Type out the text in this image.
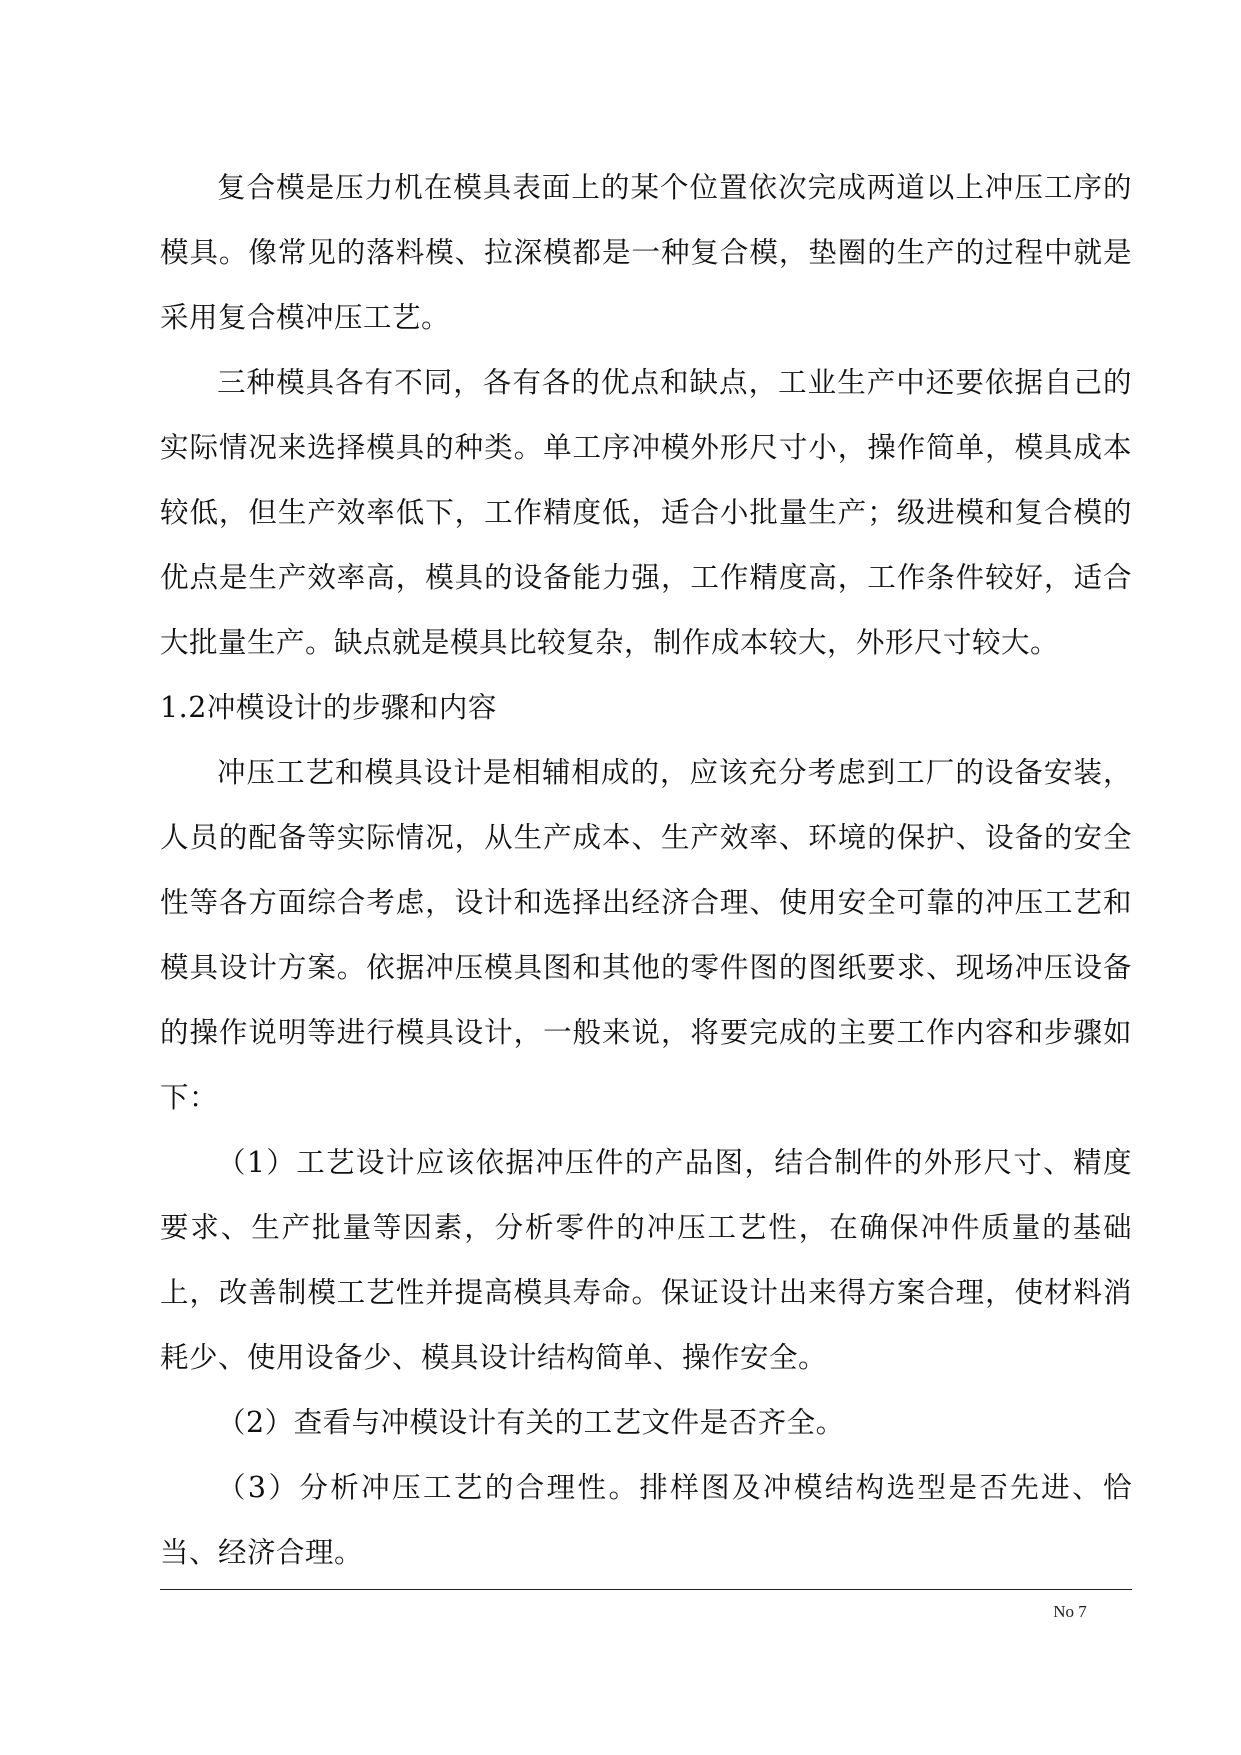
复合模是压力机在模具表面上的某个位置依次完成两道以上冲压工序的模具。像常见的落料模、拉深模都是一种复合模，垫圈的生产的过程中就是采用复合模冲压工艺。

三种模具各有不同，各有各的优点和缺点，工业生产中还要依据自己的实际情况来选择模具的种类。单工序冲模外形尺寸小，操作简单，模具成本较低，但生产效率低下，工作精度低，适合小批量生产；级进模和复合模的优点是生产效率高，模具的设备能力强，工作精度高，工作条件较好，适合大批量生产。缺点就是模具比较复杂，制作成本较大，外形尺寸较大。

1.2冲模设计的步骤和内容

冲压工艺和模具设计是相辅相成的，应该充分考虑到工厂的设备安装，人员的配备等实际情况，从生产成本、生产效率、环境的保护、设备的安全性等各方面综合考虑，设计和选择出经济合理、使用安全可靠的冲压工艺和模具设计方案。依据冲压模具图和其他的零件图的图纸要求、现场冲压设备的操作说明等进行模具设计，一般来说，将要完成的主要工作内容和步骤如下：

（1）工艺设计应该依据冲压件的产品图，结合制件的外形尺寸、精度要求、生产批量等因素，分析零件的冲压工艺性，在确保冲件质量的基础上，改善制模工艺性并提高模具寿命。保证设计出来得方案合理，使材料消耗少、使用设备少、模具设计结构简单、操作安全。

（2）查看与冲模设计有关的工艺文件是否齐全。

（3）分析冲压工艺的合理性。排样图及冲模结构选型是否先进、恰当、经济合理。

No 7
